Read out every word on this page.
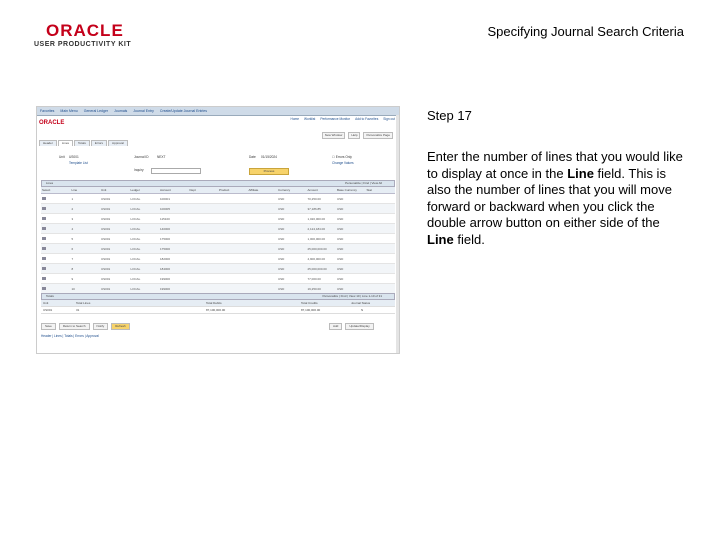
ORACLE
USER PRODUCTIVITY KIT
Specifying Journal Search Criteria
Step 17
Enter the number of lines that you would like to display at once in the Line field. This is also the number of lines that you will move forward or backward when you click the double arrow button on either side of the Line field.
Favorites Main Menu General Ledger Journals Journal Entry Create/Update Journal Entries
ORACLE
Home Worklist Performance Monitor Add to Favorites Sign out
New Window	Help	Personalize Page
Header	Lines	Totals	Errors	Approval
Unit US001
Template List
Journal ID	NEXT	Date 01/15/2024	☐ Errors Only
Change Values
Inquiry	Process
Lines	Personalize | Find | View All
Select	Line	Unit	Ledger	Account	Dept	Product	Affiliate	Currency	Amount	Base Currency	Stat
	1	US001	LOCAL	100001				USD	70,250.00	USD	
	2	US001	LOCAL	100005				USD	37,186.85	USD	
	3	US001	LOCAL	115100				USD	1,020,000.00	USD	
	4	US001	LOCAL	140000				USD	2,124,184.00	USD	
	5	US001	LOCAL	175000				USD	1,000,000.00	USD	
	6	US001	LOCAL	175000				USD	25,000,000.00	USD	
	7	US001	LOCAL	182000				USD	4,900,000.00	USD	
	8	US001	LOCAL	184000				USD	25,000,000.00	USD	
	9	US001	LOCAL	199000				USD	77,000.00	USD	
	10	US001	LOCAL	199000				USD	19,250.00	USD	
Totals	Personalize | Find | View 10 | Line 1-10 of 31
Unit	Total Lines	Total Debits	Total Credits	Journal Status
US001	31	87,100,000.00	87,100,000.00	N
Save	Return to Search	Notify	Refresh	Add	Update/Display
Header | Lines | Totals | Errors | Approval
